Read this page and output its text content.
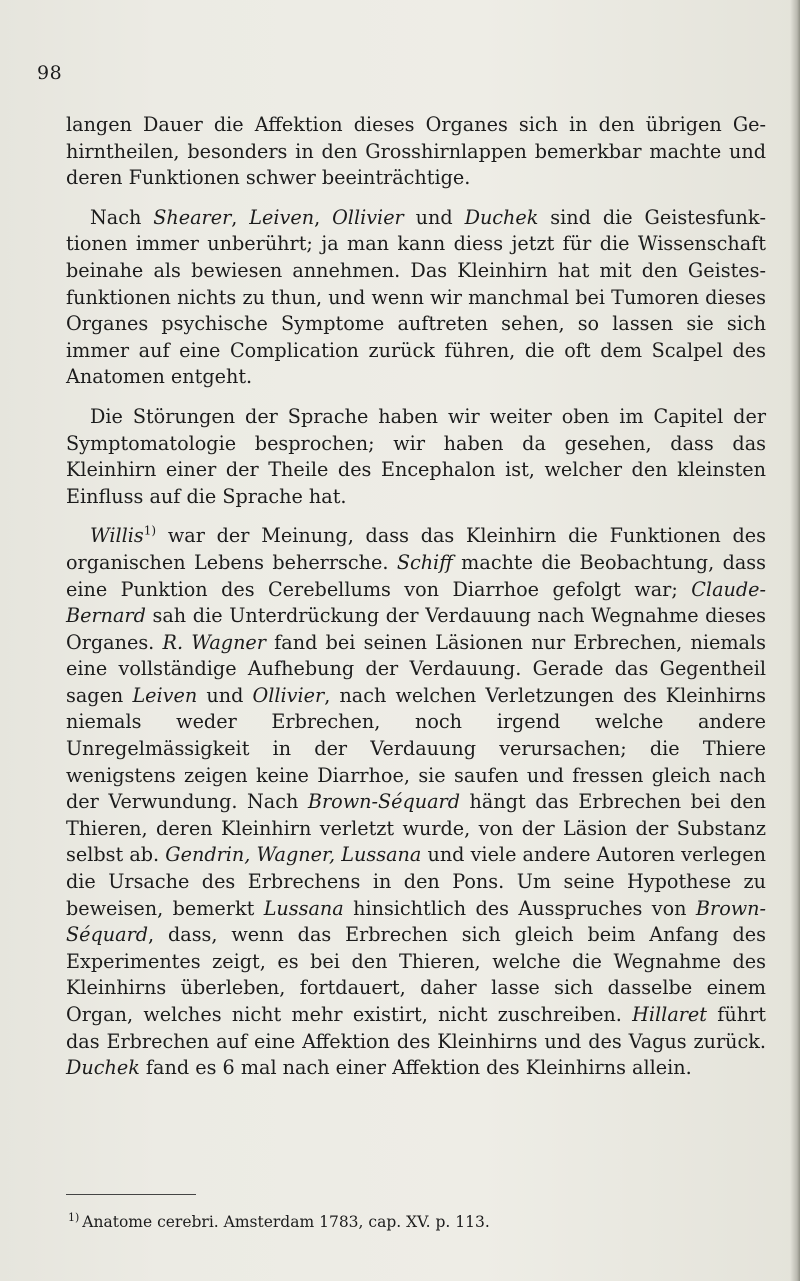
98

langen Dauer die Affektion dieses Organes sich in den übrigen Gehirntheilen, besonders in den Grosshirnlappen bemerkbar machte und deren Funktionen schwer beeinträchtige.

Nach Shearer, Leiven, Ollivier und Duchek sind die Geistesfunktionen immer unberührt; ja man kann diess jetzt für die Wissenschaft beinahe als bewiesen annehmen. Das Kleinhirn hat mit den Geistesfunktionen nichts zu thun, und wenn wir manchmal bei Tumoren dieses Organes psychische Symptome auftreten sehen, so lassen sie sich immer auf eine Complication zurück führen, die oft dem Scalpel des Anatomen entgeht.

Die Störungen der Sprache haben wir weiter oben im Capitel der Symptomatologie besprochen; wir haben da gesehen, dass das Kleinhirn einer der Theile des Encephalon ist, welcher den kleinsten Einfluss auf die Sprache hat.

Willis$^{1)}$ war der Meinung, dass das Kleinhirn die Funktionen des organischen Lebens beherrsche. Schiff machte die Beobachtung, dass eine Punktion des Cerebellums von Diarrhoe gefolgt war; Claude-Bernard sah die Unterdrückung der Verdauung nach Wegnahme dieses Organes. R. Wagner fand bei seinen Läsionen nur Erbrechen, niemals eine vollständige Aufhebung der Verdauung. Gerade das Gegentheil sagen Leiven und Ollivier, nach welchen Verletzungen des Kleinhirns niemals weder Erbrechen, noch irgend welche andere Unregelmässigkeit in der Verdauung verursachen; die Thiere wenigstens zeigen keine Diarrhoe, sie saufen und fressen gleich nach der Verwundung. Nach Brown-Séquard hängt das Erbrechen bei den Thieren, deren Kleinhirn verletzt wurde, von der Läsion der Substanz selbst ab. Gendrin, Wagner, Lussana und viele andere Autoren verlegen die Ursache des Erbrechens in den Pons. Um seine Hypothese zu beweisen, bemerkt Lussana hinsichtlich des Ausspruches von Brown-Séquard, dass, wenn das Erbrechen sich gleich beim Anfang des Experimentes zeigt, es bei den Thieren, welche die Wegnahme des Kleinhirns überleben, fortdauert, daher lasse sich dasselbe einem Organ, welches nicht mehr existirt, nicht zuschreiben. Hillaret führt das Erbrechen auf eine Affektion des Kleinhirns und des Vagus zurück. Duchek fand es 6 mal nach einer Affektion des Kleinhirns allein.

$^{1)}$ Anatome cerebri. Amsterdam 1783, cap. XV. p. 113.
